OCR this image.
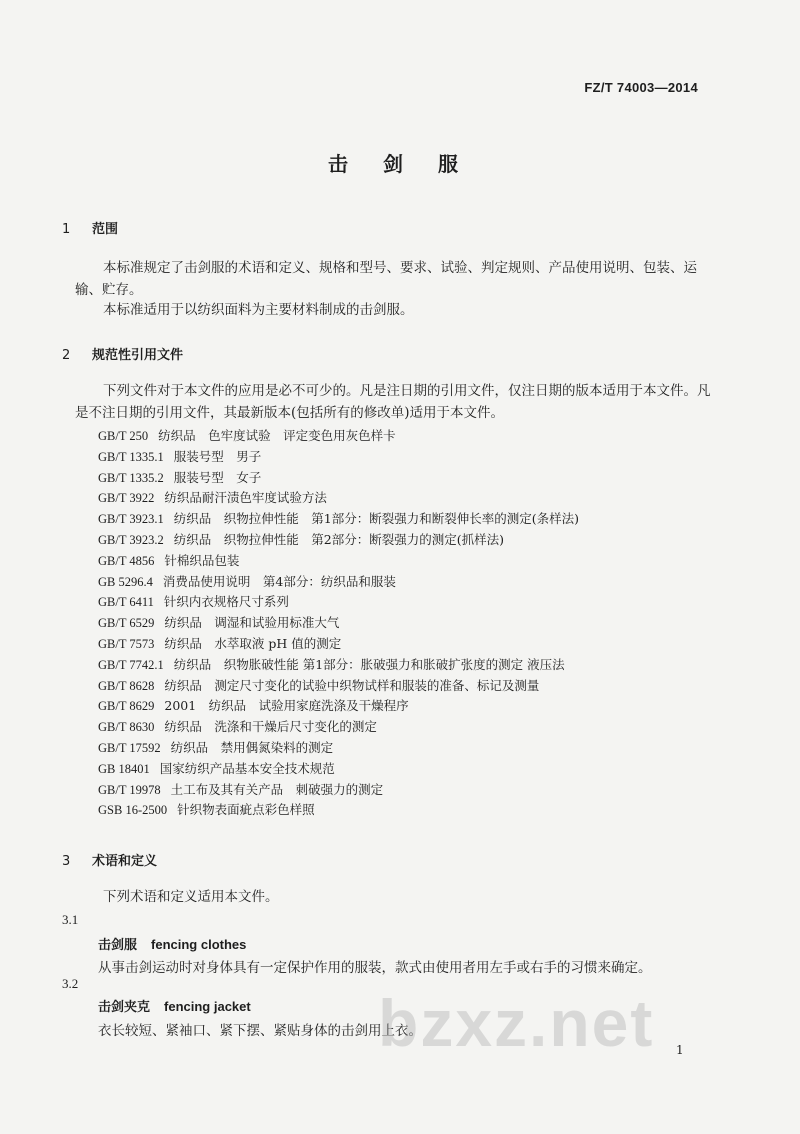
FZ/T 74003—2014
击 剑 服
1 范围
本标准规定了击剑服的术语和定义、规格和型号、要求、试验、判定规则、产品使用说明、包装、运输、贮存。
本标准适用于以纺织面料为主要材料制成的击剑服。
2 规范性引用文件
下列文件对于本文件的应用是必不可少的。凡是注日期的引用文件，仅注日期的版本适用于本文件。凡是不注日期的引用文件，其最新版本(包括所有的修改单)适用于本文件。
GB/T 250 纺织品　色牢度试验　评定变色用灰色样卡
GB/T 1335.1 服装号型　男子
GB/T 1335.2 服装号型　女子
GB/T 3922 纺织品耐汗渍色牢度试验方法
GB/T 3923.1 纺织品　织物拉伸性能　第1部分：断裂强力和断裂伸长率的测定(条样法)
GB/T 3923.2 纺织品　织物拉伸性能　第2部分：断裂强力的测定(抓样法)
GB/T 4856 针棉织品包装
GB 5296.4 消费品使用说明　第4部分：纺织品和服装
GB/T 6411 针织内衣规格尺寸系列
GB/T 6529 纺织品　调湿和试验用标准大气
GB/T 7573 纺织品　水萃取液 pH 值的测定
GB/T 7742.1 纺织品　织物胀破性能 第1部分：胀破强力和胀破扩张度的测定 液压法
GB/T 8628 纺织品　测定尺寸变化的试验中织物试样和服装的准备、标记及测量
GB/T 8629 2001　纺织品　试验用家庭洗涤及干燥程序
GB/T 8630 纺织品　洗涤和干燥后尺寸变化的测定
GB/T 17592 纺织品　禁用偶氮染料的测定
GB 18401 国家纺织产品基本安全技术规范
GB/T 19978 土工布及其有关产品　刺破强力的测定
GSB 16-2500 针织物表面疵点彩色样照
3 术语和定义
下列术语和定义适用本文件。
3.1
击剑服 fencing clothes
从事击剑运动时对身体具有一定保护作用的服装，款式由使用者用左手或右手的习惯来确定。
3.2
击剑夹克 fencing jacket
衣长较短、紧袖口、紧下摆、紧贴身体的击剑用上衣。
bzxz.net 1
